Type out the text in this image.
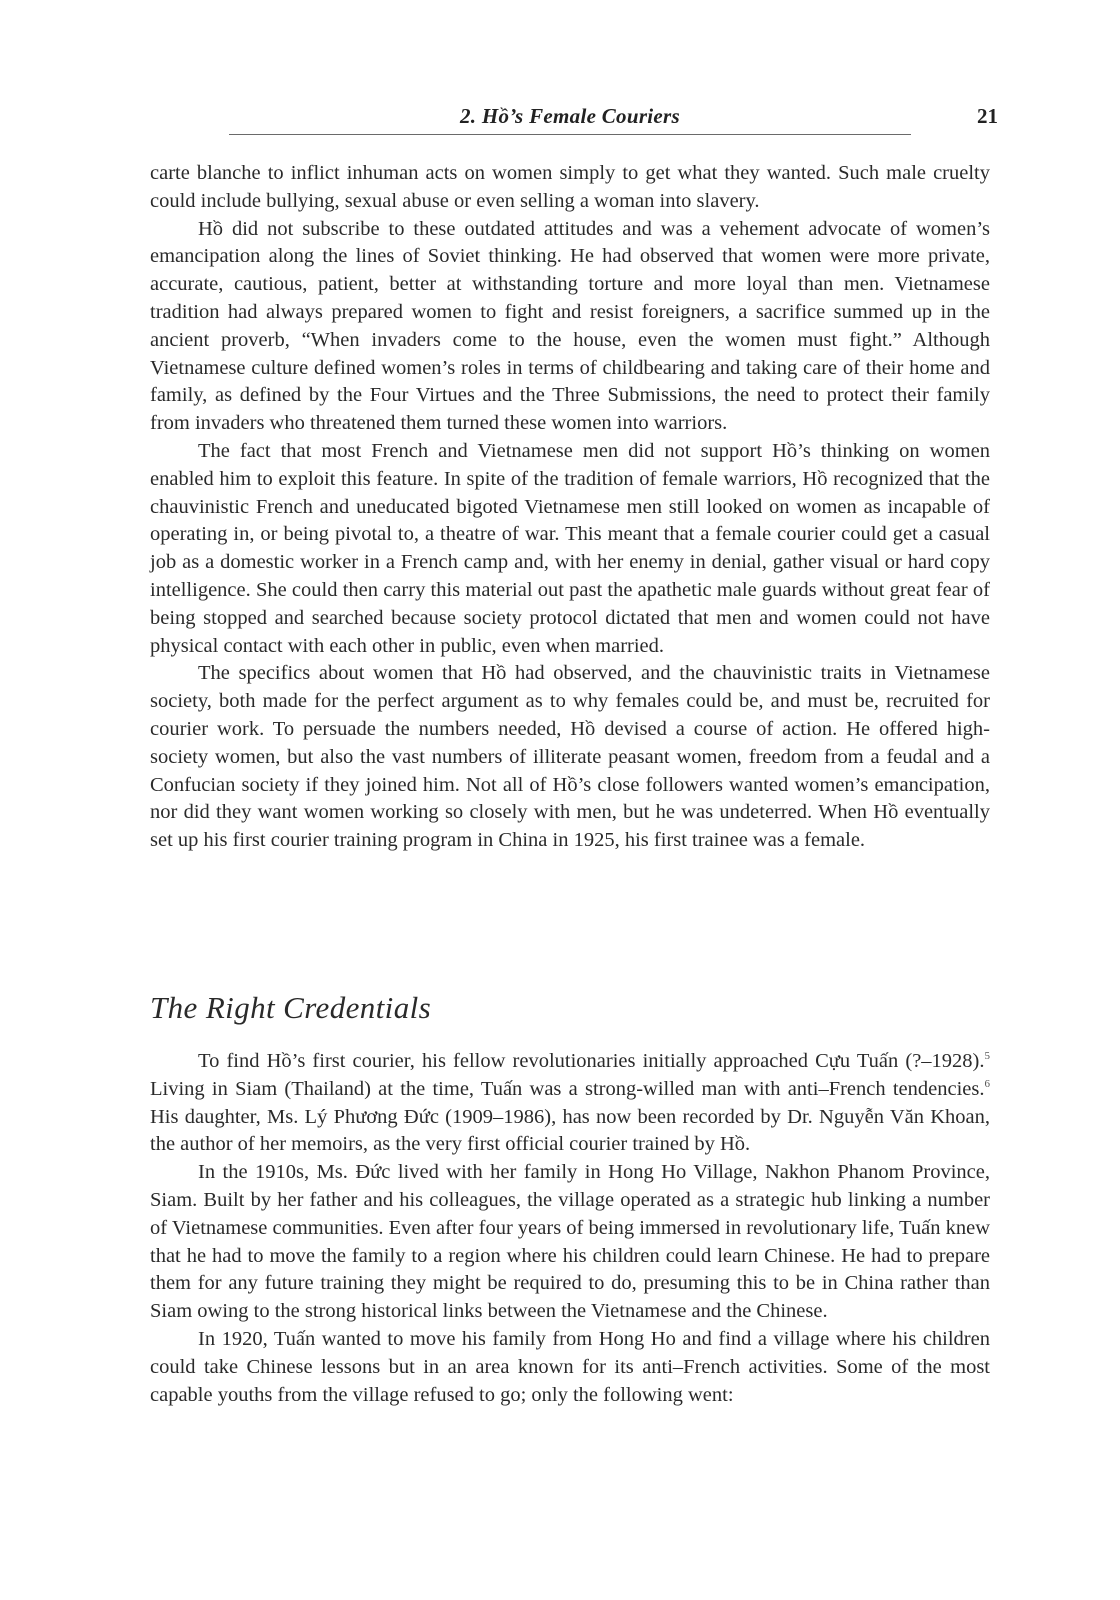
2. Hồ’s Female Couriers	21

carte blanche to inflict inhuman acts on women simply to get what they wanted. Such male cruelty could include bullying, sexual abuse or even selling a woman into slavery.

Hồ did not subscribe to these outdated attitudes and was a vehement advocate of women’s emancipation along the lines of Soviet thinking. He had observed that women were more private, accurate, cautious, patient, better at withstanding torture and more loyal than men. Vietnamese tradition had always prepared women to fight and resist foreigners, a sacrifice summed up in the ancient proverb, “When invaders come to the house, even the women must fight.” Although Vietnamese culture defined women’s roles in terms of childbearing and taking care of their home and family, as defined by the Four Virtues and the Three Submissions, the need to protect their family from invaders who threatened them turned these women into warriors.

The fact that most French and Vietnamese men did not support Hồ’s thinking on women enabled him to exploit this feature. In spite of the tradition of female warriors, Hồ recognized that the chauvinistic French and uneducated bigoted Vietnamese men still looked on women as incapable of operating in, or being pivotal to, a theatre of war. This meant that a female courier could get a casual job as a domestic worker in a French camp and, with her enemy in denial, gather visual or hard copy intelligence. She could then carry this material out past the apathetic male guards without great fear of being stopped and searched because society protocol dictated that men and women could not have physical contact with each other in public, even when married.

The specifics about women that Hồ had observed, and the chauvinistic traits in Vietnamese society, both made for the perfect argument as to why females could be, and must be, recruited for courier work. To persuade the numbers needed, Hồ devised a course of action. He offered high-society women, but also the vast numbers of illiterate peasant women, freedom from a feudal and a Confucian society if they joined him. Not all of Hồ’s close followers wanted women’s emancipation, nor did they want women working so closely with men, but he was undeterred. When Hồ eventually set up his first courier training program in China in 1925, his first trainee was a female.

The Right Credentials

To find Hồ’s first courier, his fellow revolutionaries initially approached Cựu Tuấn (?–1928).$^5$ Living in Siam (Thailand) at the time, Tuấn was a strong-willed man with anti–French tendencies.$^6$ His daughter, Ms. Lý Phương Đức (1909–1986), has now been recorded by Dr. Nguyễn Văn Khoan, the author of her memoirs, as the very first official courier trained by Hồ.

In the 1910s, Ms. Đức lived with her family in Hong Ho Village, Nakhon Phanom Province, Siam. Built by her father and his colleagues, the village operated as a strategic hub linking a number of Vietnamese communities. Even after four years of being immersed in revolutionary life, Tuấn knew that he had to move the family to a region where his children could learn Chinese. He had to prepare them for any future training they might be required to do, presuming this to be in China rather than Siam owing to the strong historical links between the Vietnamese and the Chinese.

In 1920, Tuấn wanted to move his family from Hong Ho and find a village where his children could take Chinese lessons but in an area known for its anti–French activities. Some of the most capable youths from the village refused to go; only the following went:
